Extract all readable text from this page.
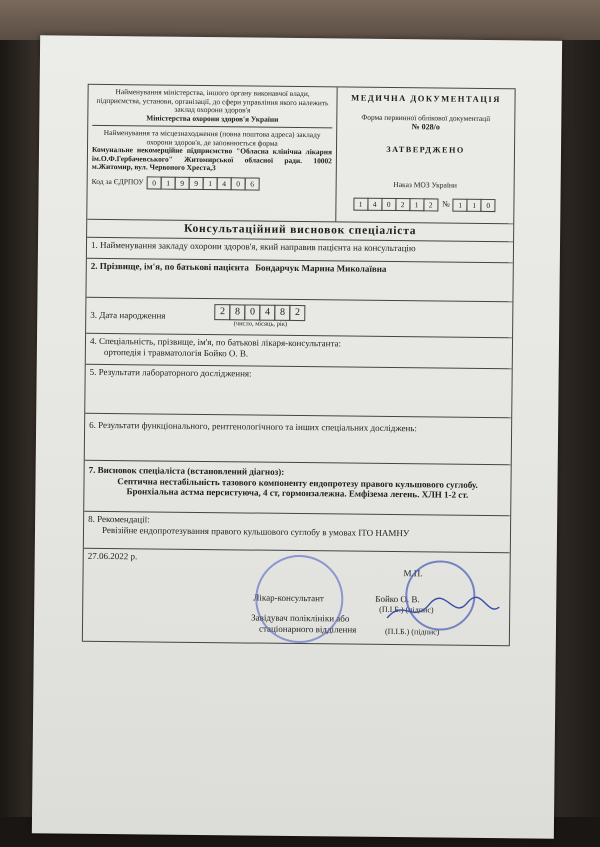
Найменування міністерства, іншого органу виконавчої влади, підприємства, установи, організації, до сфери управління якого належить заклад охорони здоров'я
Міністерства охорони здоров'я України
Найменування та місцезнаходження (повна поштова адреса) закладу охорони здоров'я, де заповнюється форма
Комунальне некомерційне підприємство "Обласна клінічна лікарня ім.О.Ф.Гербачевського" Житомирської обласної ради. 10002 м.Житомир, вул. Червоного Хреста,3
Код за ЄДРПОУ	0	1	9	9	1	4	0	6
МЕДИЧНА ДОКУМЕНТАЦІЯ
Форма первинної облікової документації
№ 028/о
ЗАТВЕРДЖЕНО
Наказ МОЗ України
1	4	0	2	1	2	№	1	1	0
Консультаційний висновок спеціаліста
1. Найменування закладу охорони здоров'я, який направив пацієнта на консультацію
2. Прізвище, ім'я, по батькові пацієнта Бондарчук Марина Миколаївна
3. Дата народження	2 8 0 4 8 2
(число, місяць, рік)
4. Спеціальність, прізвище, ім'я, по батькові лікаря-консультанта:
ортопедія і травматологія Бойко О. В.
5. Результати лабораторного дослідження:
6. Результати функціонального, рентгенологічного та інших спеціальних досліджень:
7. Висновок спеціаліста (встановлений діагноз):
Септична нестабільність тазового компоненту ендопротезу правого кульшового суглобу. Бронхіальна астма персистуюча, 4 ст, гормонзалежна. Емфізема легень. ХЛН 1-2 ст.
8. Рекомендації:
Ревізійне ендопротезування правого кульшового суглобу в умовах ІТО НАМНУ
27.06.2022 р.
М.П.
Лікар-консультант	Бойко О. В.
(П.І.Б.) (підпис)
Завідувач поліклініки або
стаціонарного відділення	(П.І.Б.) (підпис)
